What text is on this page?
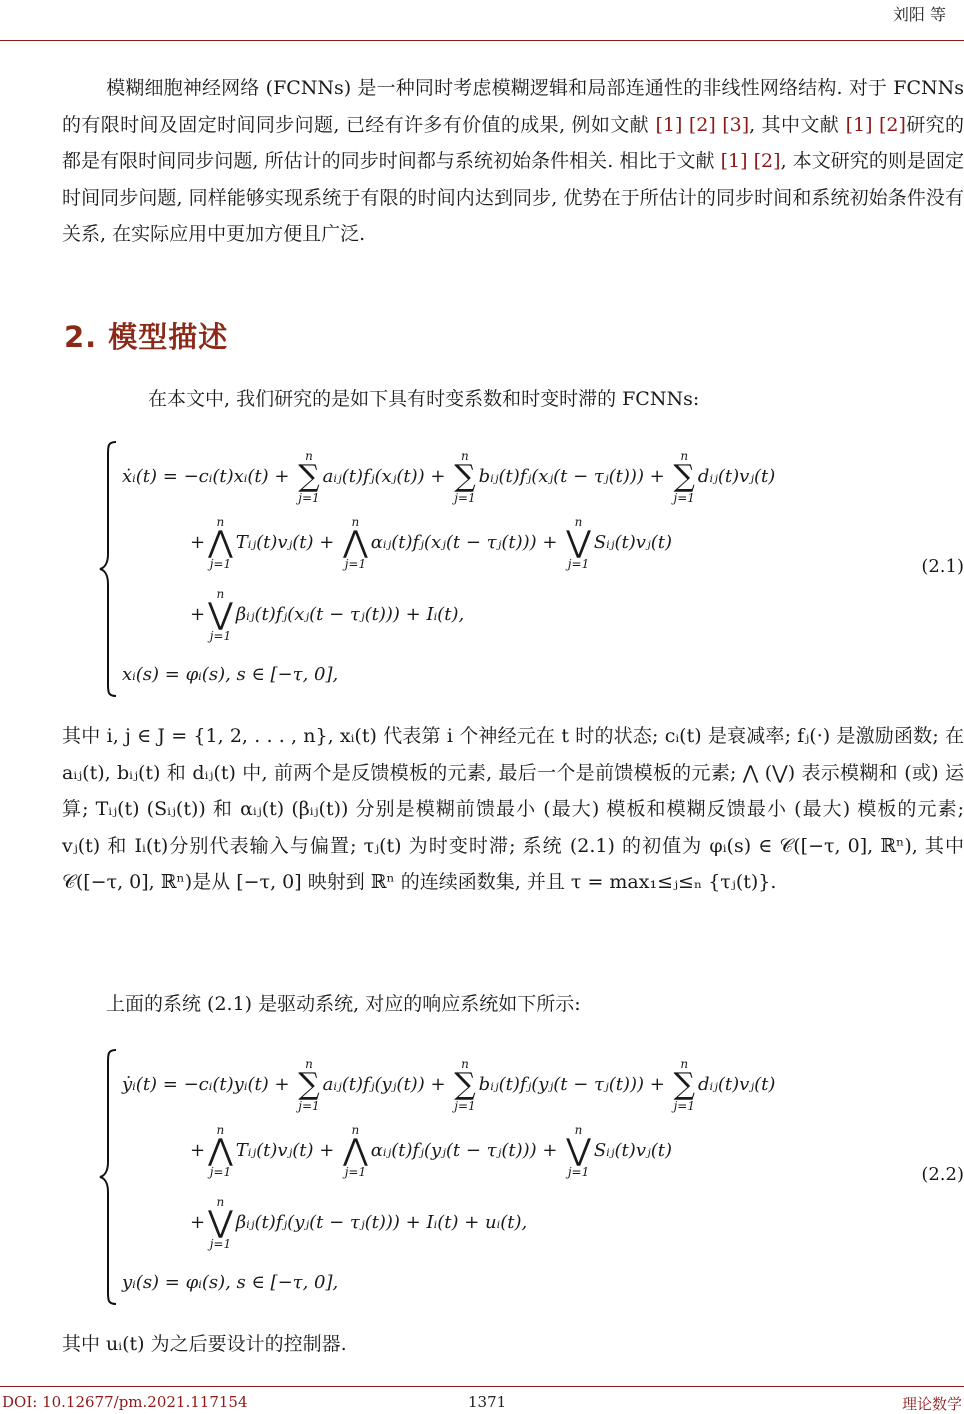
刘阳 等
模糊细胞神经网络 (FCNNs) 是一种同时考虑模糊逻辑和局部连通性的非线性网络结构. 对于 FCNNs 的有限时间及固定时间同步问题, 已经有许多有价值的成果, 例如文献 [1] [2] [3], 其中文献 [1] [2]研究的都是有限时间同步问题, 所估计的同步时间都与系统初始条件相关. 相比于文献 [1] [2], 本文研究的则是固定时间同步问题, 同样能够实现系统于有限的时间内达到同步, 优势在于所估计的同步时间和系统初始条件没有关系, 在实际应用中更加方便且广泛.
2. 模型描述
在本文中, 我们研究的是如下具有时变系数和时变时滞的 FCNNs:
ẋᵢ(t) = −cᵢ(t)xᵢ(t) +
n
∑
j=1
aᵢⱼ(t)fⱼ(xⱼ(t)) +
n
∑
j=1
bᵢⱼ(t)fⱼ(xⱼ(t − τⱼ(t))) +
n
∑
j=1
dᵢⱼ(t)vⱼ(t)
+
n
⋀
j=1
Tᵢⱼ(t)vⱼ(t) +
n
⋀
j=1
αᵢⱼ(t)fⱼ(xⱼ(t − τⱼ(t))) +
n
⋁
j=1
Sᵢⱼ(t)vⱼ(t)
+
n
⋁
j=1
βᵢⱼ(t)fⱼ(xⱼ(t − τⱼ(t))) + Iᵢ(t),
xᵢ(s) = φᵢ(s), s ∈ [−τ, 0],
(2.1)
其中 i, j ∈ J = {1, 2, . . . , n}, xᵢ(t) 代表第 i 个神经元在 t 时的状态; cᵢ(t) 是衰减率; fⱼ(·) 是激励函数; 在 aᵢⱼ(t), bᵢⱼ(t) 和 dᵢⱼ(t) 中, 前两个是反馈模板的元素, 最后一个是前馈模板的元素; ⋀ (⋁) 表示模糊和 (或) 运算; Tᵢⱼ(t) (Sᵢⱼ(t)) 和 αᵢⱼ(t) (βᵢⱼ(t)) 分别是模糊前馈最小 (最大) 模板和模糊反馈最小 (最大) 模板的元素; vⱼ(t) 和 Iᵢ(t)分别代表输入与偏置; τⱼ(t) 为时变时滞; 系统 (2.1) 的初值为 φᵢ(s) ∈ 𝒞([−τ, 0], ℝⁿ), 其中 𝒞([−τ, 0], ℝⁿ)是从 [−τ, 0] 映射到 ℝⁿ 的连续函数集, 并且 τ = max₁≤ⱼ≤ₙ {τⱼ(t)}.
上面的系统 (2.1) 是驱动系统, 对应的响应系统如下所示:
ẏᵢ(t) = −cᵢ(t)yᵢ(t) +
n
∑
j=1
aᵢⱼ(t)fⱼ(yⱼ(t)) +
n
∑
j=1
bᵢⱼ(t)fⱼ(yⱼ(t − τⱼ(t))) +
n
∑
j=1
dᵢⱼ(t)vⱼ(t)
+
n
⋀
j=1
Tᵢⱼ(t)vⱼ(t) +
n
⋀
j=1
αᵢⱼ(t)fⱼ(yⱼ(t − τⱼ(t))) +
n
⋁
j=1
Sᵢⱼ(t)vⱼ(t)
+
n
⋁
j=1
βᵢⱼ(t)fⱼ(yⱼ(t − τⱼ(t))) + Iᵢ(t) + uᵢ(t),
yᵢ(s) = φᵢ(s), s ∈ [−τ, 0],
(2.2)
其中 uᵢ(t) 为之后要设计的控制器.
DOI: 10.12677/pm.2021.117154	1371	理论数学
